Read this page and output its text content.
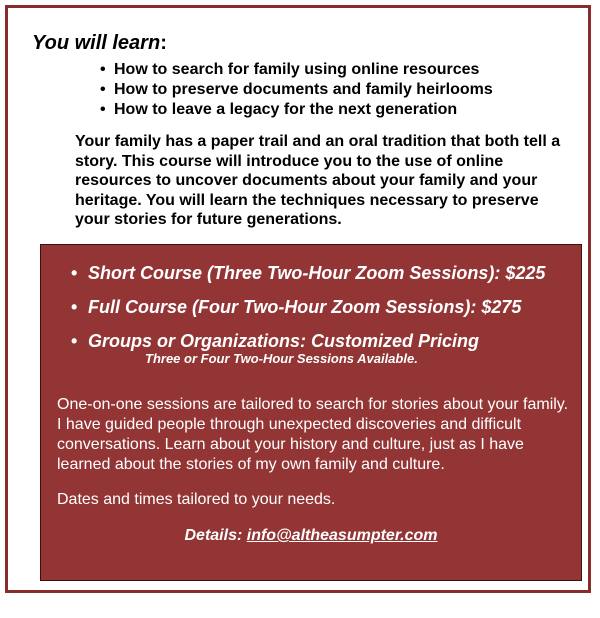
You will learn:
• How to search for family using online resources
• How to preserve documents and family heirlooms
• How to leave a legacy for the next generation

Your family has a paper trail and an oral tradition that both tell a story. This course will introduce you to the use of online resources to uncover documents about your family and your heritage. You will learn the techniques necessary to preserve your stories for future generations.

• Short Course (Three Two-Hour Zoom Sessions): $225
• Full Course (Four Two-Hour Zoom Sessions): $275
• Groups or Organizations: Customized Pricing
Three or Four Two-Hour Sessions Available.

One-on-one sessions are tailored to search for stories about your family. I have guided people through unexpected discoveries and difficult conversations. Learn about your history and culture, just as I have learned about the stories of my own family and culture.

Dates and times tailored to your needs.

Details: info@altheasumpter.com
